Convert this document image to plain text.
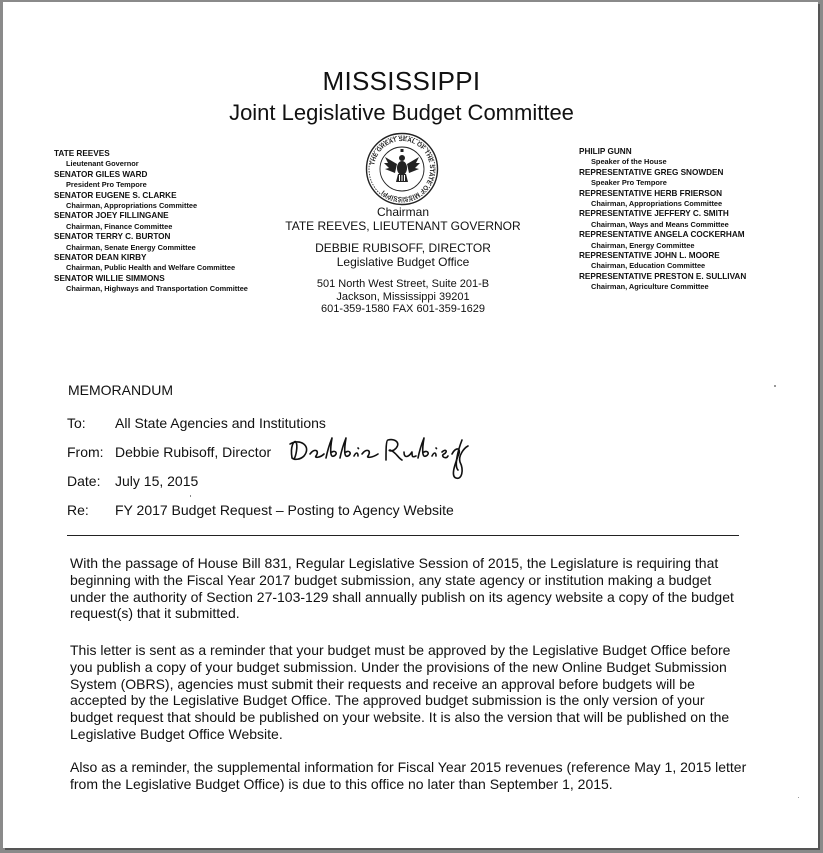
MISSISSIPPI
Joint Legislative Budget Committee
TATE REEVES
Lieutenant Governor
SENATOR GILES WARD
President Pro Tempore
SENATOR EUGENE S. CLARKE
Chairman, Appropriations Committee
SENATOR JOEY FILLINGANE
Chairman, Finance Committee
SENATOR TERRY C. BURTON
Chairman, Senate Energy Committee
SENATOR DEAN KIRBY
Chairman, Public Health and Welfare Committee
SENATOR WILLIE SIMMONS
Chairman, Highways and Transportation Committee
THE GREAT SEAL OF THE STATE OF MISSISSIPPI
Chairman
TATE REEVES, LIEUTENANT GOVERNOR
DEBBIE RUBISOFF, DIRECTOR
Legislative Budget Office
501 North West Street, Suite 201-B
Jackson, Mississippi 39201
601-359-1580 FAX 601-359-1629
PHILIP GUNN
Speaker of the House
REPRESENTATIVE GREG SNOWDEN
Speaker Pro Tempore
REPRESENTATIVE HERB FRIERSON
Chairman, Appropriations Committee
REPRESENTATIVE JEFFERY C. SMITH
Chairman, Ways and Means Committee
REPRESENTATIVE ANGELA COCKERHAM
Chairman, Energy Committee
REPRESENTATIVE JOHN L. MOORE
Chairman, Education Committee
REPRESENTATIVE PRESTON E. SULLIVAN
Chairman, Agriculture Committee
MEMORANDUM
To: All State Agencies and Institutions
From: Debbie Rubisoff, Director
Date: July 15, 2015
Re: FY 2017 Budget Request – Posting to Agency Website

With the passage of House Bill 831, Regular Legislative Session of 2015, the Legislature is requiring that beginning with the Fiscal Year 2017 budget submission, any state agency or institution making a budget under the authority of Section 27-103-129 shall annually publish on its agency website a copy of the budget request(s) that it submitted.

This letter is sent as a reminder that your budget must be approved by the Legislative Budget Office before you publish a copy of your budget submission. Under the provisions of the new Online Budget Submission System (OBRS), agencies must submit their requests and receive an approval before budgets will be accepted by the Legislative Budget Office. The approved budget submission is the only version of your budget request that should be published on your website. It is also the version that will be published on the Legislative Budget Office Website.

Also as a reminder, the supplemental information for Fiscal Year 2015 revenues (reference May 1, 2015 letter from the Legislative Budget Office) is due to this office no later than September 1, 2015.
